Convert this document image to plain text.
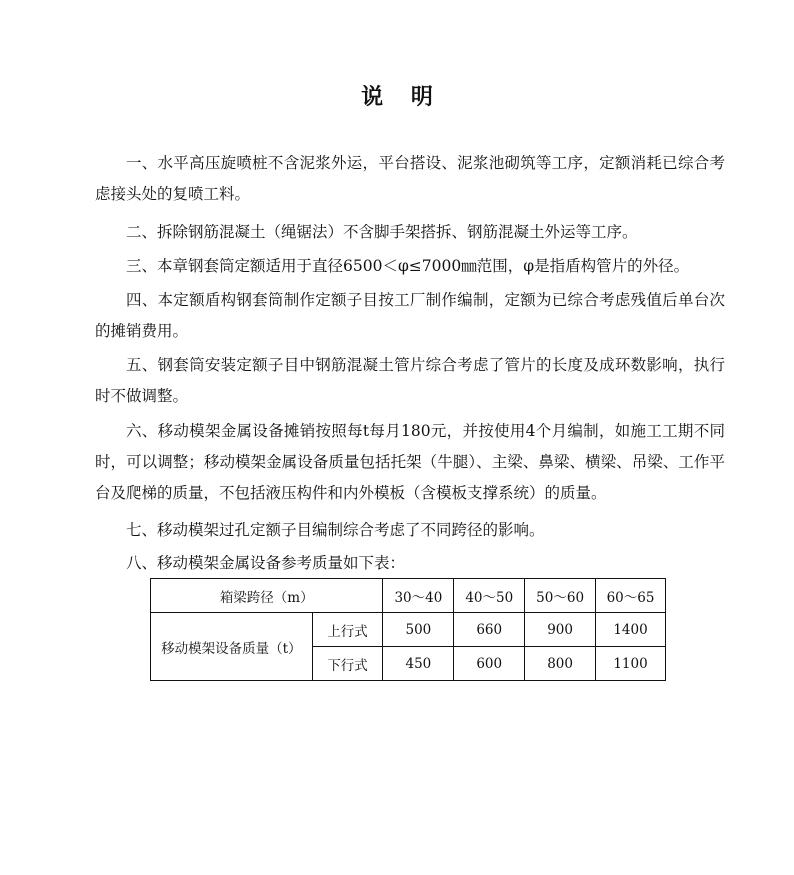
说 明

一、水平高压旋喷桩不含泥浆外运，平台搭设、泥浆池砌筑等工序，定额消耗已综合考虑接头处的复喷工料。

二、拆除钢筋混凝土（绳锯法）不含脚手架搭拆、钢筋混凝土外运等工序。

三、本章钢套筒定额适用于直径6500＜φ≤7000㎜范围，φ是指盾构管片的外径。

四、本定额盾构钢套筒制作定额子目按工厂制作编制，定额为已综合考虑残值后单台次的摊销费用。

五、钢套筒安装定额子目中钢筋混凝土管片综合考虑了管片的长度及成环数影响，执行时不做调整。

六、移动模架金属设备摊销按照每t每月180元，并按使用4个月编制，如施工工期不同时，可以调整；移动模架金属设备质量包括托架（牛腿）、主梁、鼻梁、横梁、吊梁、工作平台及爬梯的质量，不包括液压构件和内外模板（含模板支撑系统）的质量。

七、移动模架过孔定额子目编制综合考虑了不同跨径的影响。

八、移动模架金属设备参考质量如下表：

箱梁跨径（m）		30～40	40～50	50～60	60～65
移动模架设备质量（t）	上行式	500	660	900	1400
	下行式	450	600	800	1100
